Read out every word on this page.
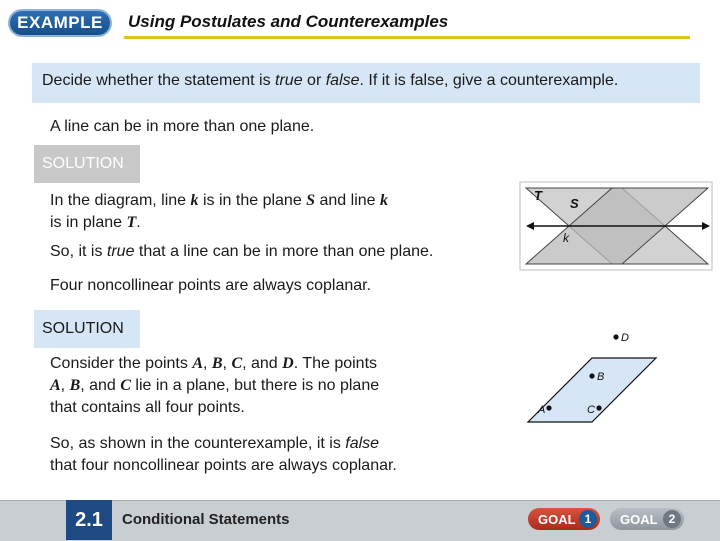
EXAMPLE	Using Postulates and Counterexamples
Decide whether the statement is true or false. If it is false, give a counterexample.
A line can be in more than one plane.
SOLUTION
In the diagram, line k is in the plane S and line k
is in plane T.
So, it is true that a line can be in more than one plane.
T
S
k
Four noncollinear points are always coplanar.
SOLUTION
Consider the points A, B, C, and D. The points
A, B, and C lie in a plane, but there is no plane
that contains all four points.
So, as shown in the counterexample, it is false
that four noncollinear points are always coplanar.
D
B
A	C
2.1	Conditional Statements	GOAL 1	GOAL 2
